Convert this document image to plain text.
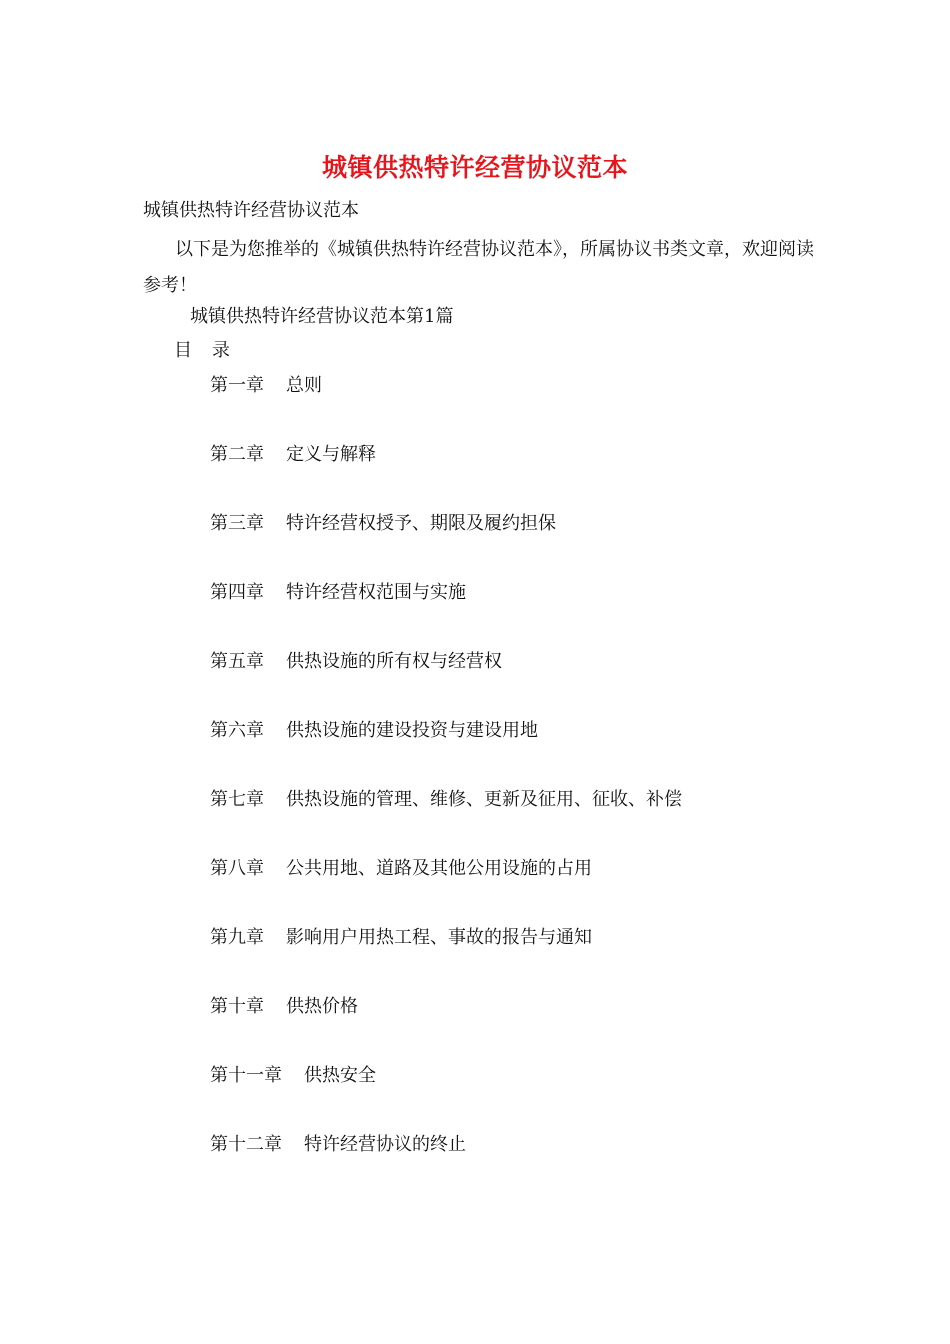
城镇供热特许经营协议范本
城镇供热特许经营协议范本
以下是为您推举的《城镇供热特许经营协议范本》，所属协议书类文章，欢迎阅读参考！
城镇供热特许经营协议范本第1篇
目 录
第一章 总则
第二章 定义与解释
第三章 特许经营权授予、期限及履约担保
第四章 特许经营权范围与实施
第五章 供热设施的所有权与经营权
第六章 供热设施的建设投资与建设用地
第七章 供热设施的管理、维修、更新及征用、征收、补偿
第八章 公共用地、道路及其他公用设施的占用
第九章 影响用户用热工程、事故的报告与通知
第十章 供热价格
第十一章 供热安全
第十二章 特许经营协议的终止
